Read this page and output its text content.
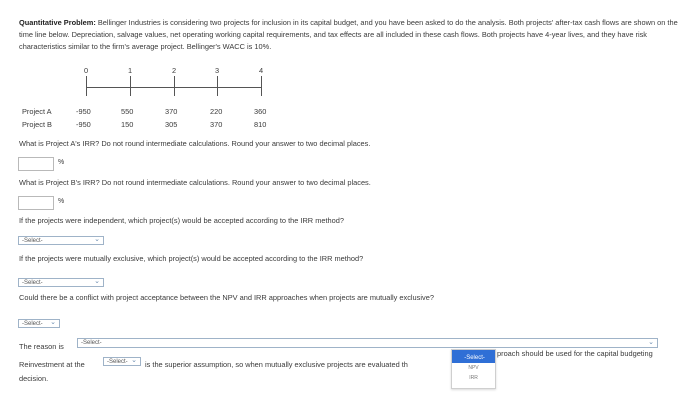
Quantitative Problem: Bellinger Industries is considering two projects for inclusion in its capital budget, and you have been asked to do the analysis. Both projects' after-tax cash flows are shown on the time line below. Depreciation, salvage values, net operating working capital requirements, and tax effects are all included in these cash flows. Both projects have 4-year lives, and they have risk characteristics similar to the firm's average project. Bellinger's WACC is 10%.
0	1	2	3	4
Project A	-950	550	370	220	360
Project B	-950	150	305	370	810
What is Project A's IRR? Do not round intermediate calculations. Round your answer to two decimal places.
%
What is Project B's IRR? Do not round intermediate calculations. Round your answer to two decimal places.
%
If the projects were independent, which project(s) would be accepted according to the IRR method?
-Select-	⌄
If the projects were mutually exclusive, which project(s) would be accepted according to the IRR method?
-Select-	⌄
Could there be a conflict with project acceptance between the NPV and IRR approaches when projects are mutually exclusive?
-Select- ⌄
The reason is	-Select-	⌄
Reinvestment at the	-Select- ⌄ is the superior assumption, so when mutually exclusive projects are evaluated th
proach should be used for the capital budgeting
decision.
✓ -Select-
NPV
IRR
